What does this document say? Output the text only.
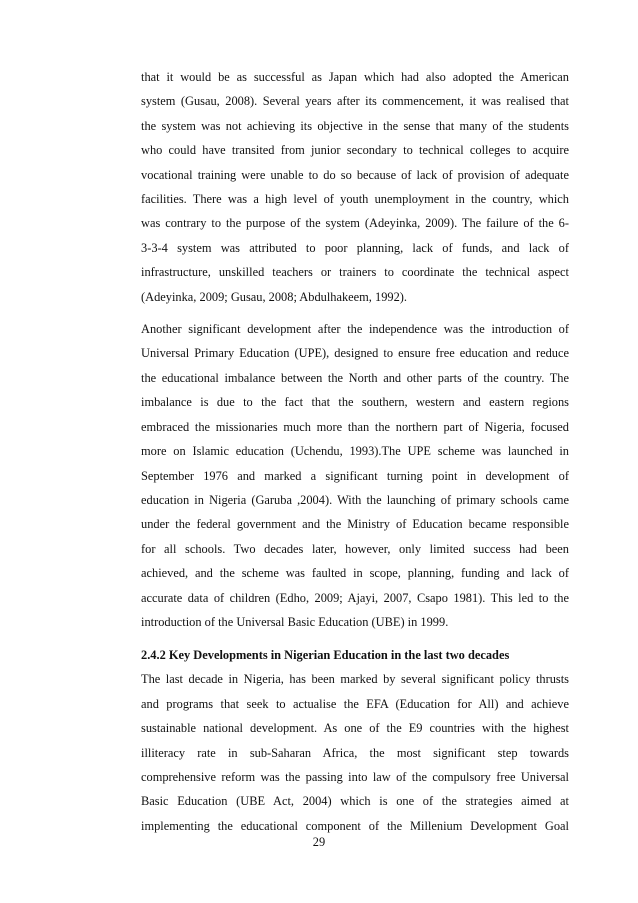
that it would be as successful as Japan which had also adopted the American
system (Gusau, 2008). Several years after its commencement, it was realised that
the system was not achieving its objective in the sense that many of the students
who could have transited from junior secondary to technical colleges to acquire
vocational training were unable to do so because of lack of provision of adequate
facilities. There was a high level of youth unemployment in the country, which
was contrary to the purpose of the system (Adeyinka, 2009). The failure of the 6-
3-3-4 system was attributed to poor planning, lack of funds, and lack of
infrastructure, unskilled teachers or trainers to coordinate the technical aspect
(Adeyinka, 2009; Gusau, 2008; Abdulhakeem, 1992).
Another significant development after the independence was the introduction of
Universal Primary Education (UPE), designed to ensure free education and reduce
the educational imbalance between the North and other parts of the country. The
imbalance is due to the fact that the southern, western and eastern regions
embraced the missionaries much more than the northern part of Nigeria, focused
more on Islamic education (Uchendu, 1993).The UPE scheme was launched in
September 1976 and marked a significant turning point in development of
education in Nigeria (Garuba ,2004). With the launching of primary schools came
under the federal government and the Ministry of Education became responsible
for all schools. Two decades later, however, only limited success had been
achieved, and the scheme was faulted in scope, planning, funding and lack of
accurate data of children (Edho, 2009; Ajayi, 2007, Csapo 1981). This led to the
introduction of the Universal Basic Education (UBE) in 1999.
2.4.2 Key Developments in Nigerian Education in the last two decades
The last decade in Nigeria, has been marked by several significant policy thrusts
and programs that seek to actualise the EFA (Education for All) and achieve
sustainable national development. As one of the E9 countries with the highest
illiteracy rate in sub-Saharan Africa, the most significant step towards
comprehensive reform was the passing into law of the compulsory free Universal
Basic Education (UBE Act, 2004) which is one of the strategies aimed at
implementing the educational component of the Millenium Development Goal
29
